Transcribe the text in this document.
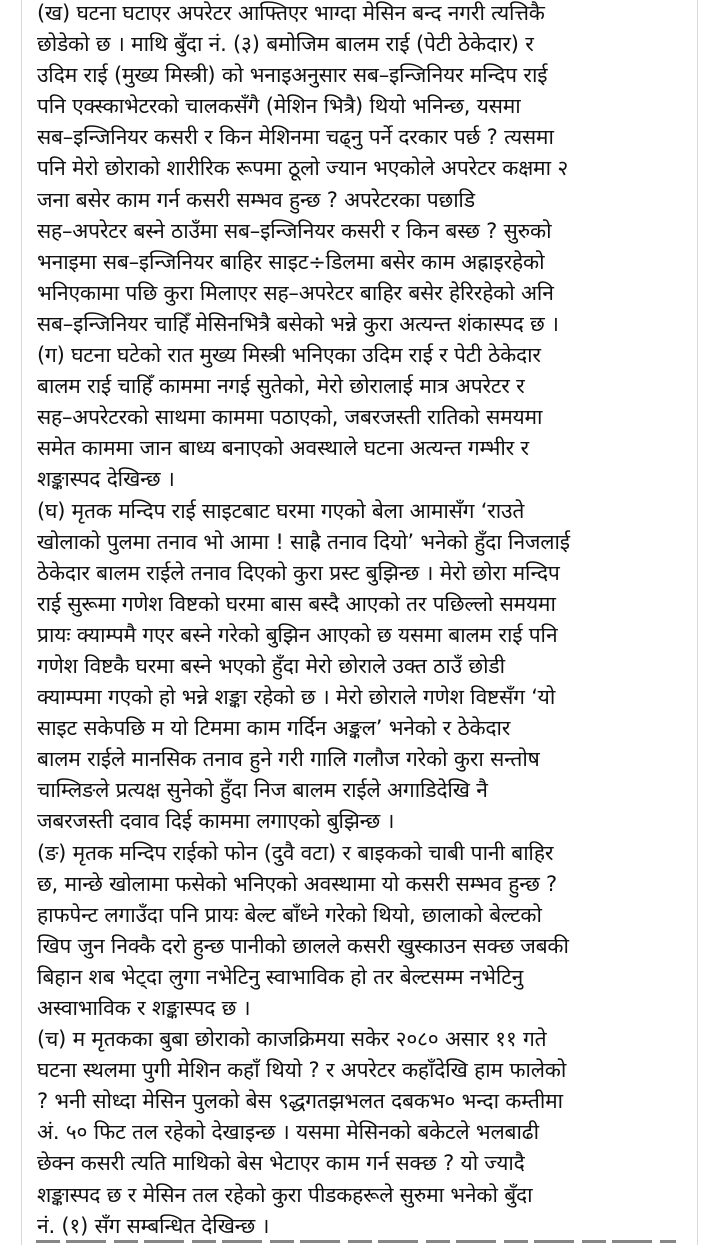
(ख) घटना घटाएर अपरेटर आफ्तिएर भाग्दा मेसिन बन्द नगरी त्यत्तिकै
छोडेको छ । माथि बुँदा नं. (३) बमोजिम बालम राई (पेटी ठेकेदार) र
उदिम राई (मुख्य मिस्त्री) को भनाइअनुसार सब–इन्जिनियर मन्दिप राई
पनि एक्स्काभेटरको चालकसँगै (मेशिन भित्रै) थियो भनिन्छ, यसमा
सब–इन्जिनियर कसरी र किन मेशिनमा चढ्नु पर्ने दरकार पर्छ ? त्यसमा
पनि मेरो छोराको शारीरिक रूपमा ठूलो ज्यान भएकोले अपरेटर कक्षमा २
जना बसेर काम गर्न कसरी सम्भव हुन्छ ? अपरेटरका पछाडि
सह–अपरेटर बस्ने ठाउँमा सब–इन्जिनियर कसरी र किन बस्छ ? सुरुको
भनाइमा सब–इन्जिनियर बाहिर साइट÷डिलमा बसेर काम अह्राइरहेको
भनिएकामा पछि कुरा मिलाएर सह–अपरेटर बाहिर बसेर हेरिरहेको अनि
सब–इन्जिनियर चाहिँ मेसिनभित्रै बसेको भन्ने कुरा अत्यन्त शंकास्पद छ ।

(ग) घटना घटेको रात मुख्य मिस्त्री भनिएका उदिम राई र पेटी ठेकेदार
बालम राई चाहिँ काममा नगई सुतेको, मेरो छोरालाई मात्र अपरेटर र
सह–अपरेटरको साथमा काममा पठाएको, जबरजस्ती रातिको समयमा
समेत काममा जान बाध्य बनाएको अवस्थाले घटना अत्यन्त गम्भीर र
शङ्कास्पद देखिन्छ ।

(घ) मृतक मन्दिप राई साइटबाट घरमा गएको बेला आमासँग ‘राउते
खोलाको पुलमा तनाव भो आमा ! साह्रै तनाव दियो’ भनेको हुँदा निजलाई
ठेकेदार बालम राईले तनाव दिएको कुरा प्रस्ट बुझिन्छ । मेरो छोरा मन्दिप
राई सुरूमा गणेश विष्टको घरमा बास बस्दै आएको तर पछिल्लो समयमा
प्रायः क्याम्पमै गएर बस्ने गरेको बुझिन आएको छ यसमा बालम राई पनि
गणेश विष्टकै घरमा बस्ने भएको हुँदा मेरो छोराले उक्त ठाउँ छोडी
क्याम्पमा गएको हो भन्ने शङ्का रहेको छ । मेरो छोराले गणेश विष्टसँग ‘यो
साइट सकेपछि म यो टिममा काम गर्दिन अङ्कल’ भनेको र ठेकेदार
बालम राईले मानसिक तनाव हुने गरी गालि गलौज गरेको कुरा सन्तोष
चाम्लिङले प्रत्यक्ष सुनेको हुँदा निज बालम राईले अगाडिदेखि नै
जबरजस्ती दवाव दिई काममा लगाएको बुझिन्छ ।

(ङ) मृतक मन्दिप राईको फोन (दुवै वटा) र बाइकको चाबी पानी बाहिर
छ, मान्छे खोलामा फसेको भनिएको अवस्थामा यो कसरी सम्भव हुन्छ ?
हाफपेन्ट लगाउँदा पनि प्रायः बेल्ट बाँध्ने गरेको थियो, छालाको बेल्टको
खिप जुन निक्कै दरो हुन्छ पानीको छालले कसरी खुस्काउन सक्छ जबकी
बिहान शब भेट्दा लुगा नभेटिनु स्वाभाविक हो तर बेल्टसम्म नभेटिनु
अस्वाभाविक र शङ्कास्पद छ ।

(च) म मृतकका बुबा छोराको काजक्रिमया सकेर २०८० असार ११ गते
घटना स्थलमा पुगी मेशिन कहाँ थियो ? र अपरेटर कहाँदेखि हाम फालेको
? भनी सोध्दा मेसिन पुलको बेस ९द्धगतझभलत दबकभ० भन्दा कम्तीमा
अं. ५० फिट तल रहेको देखाइन्छ । यसमा मेसिनको बकेटले भलबाढी
छेक्न कसरी त्यति माथिको बेस भेटाएर काम गर्न सक्छ ? यो ज्यादै
शङ्कास्पद छ र मेसिन तल रहेको कुरा पीडकहरूले सुरुमा भनेको बुँदा
नं. (१) सँग सम्बन्धित देखिन्छ ।
